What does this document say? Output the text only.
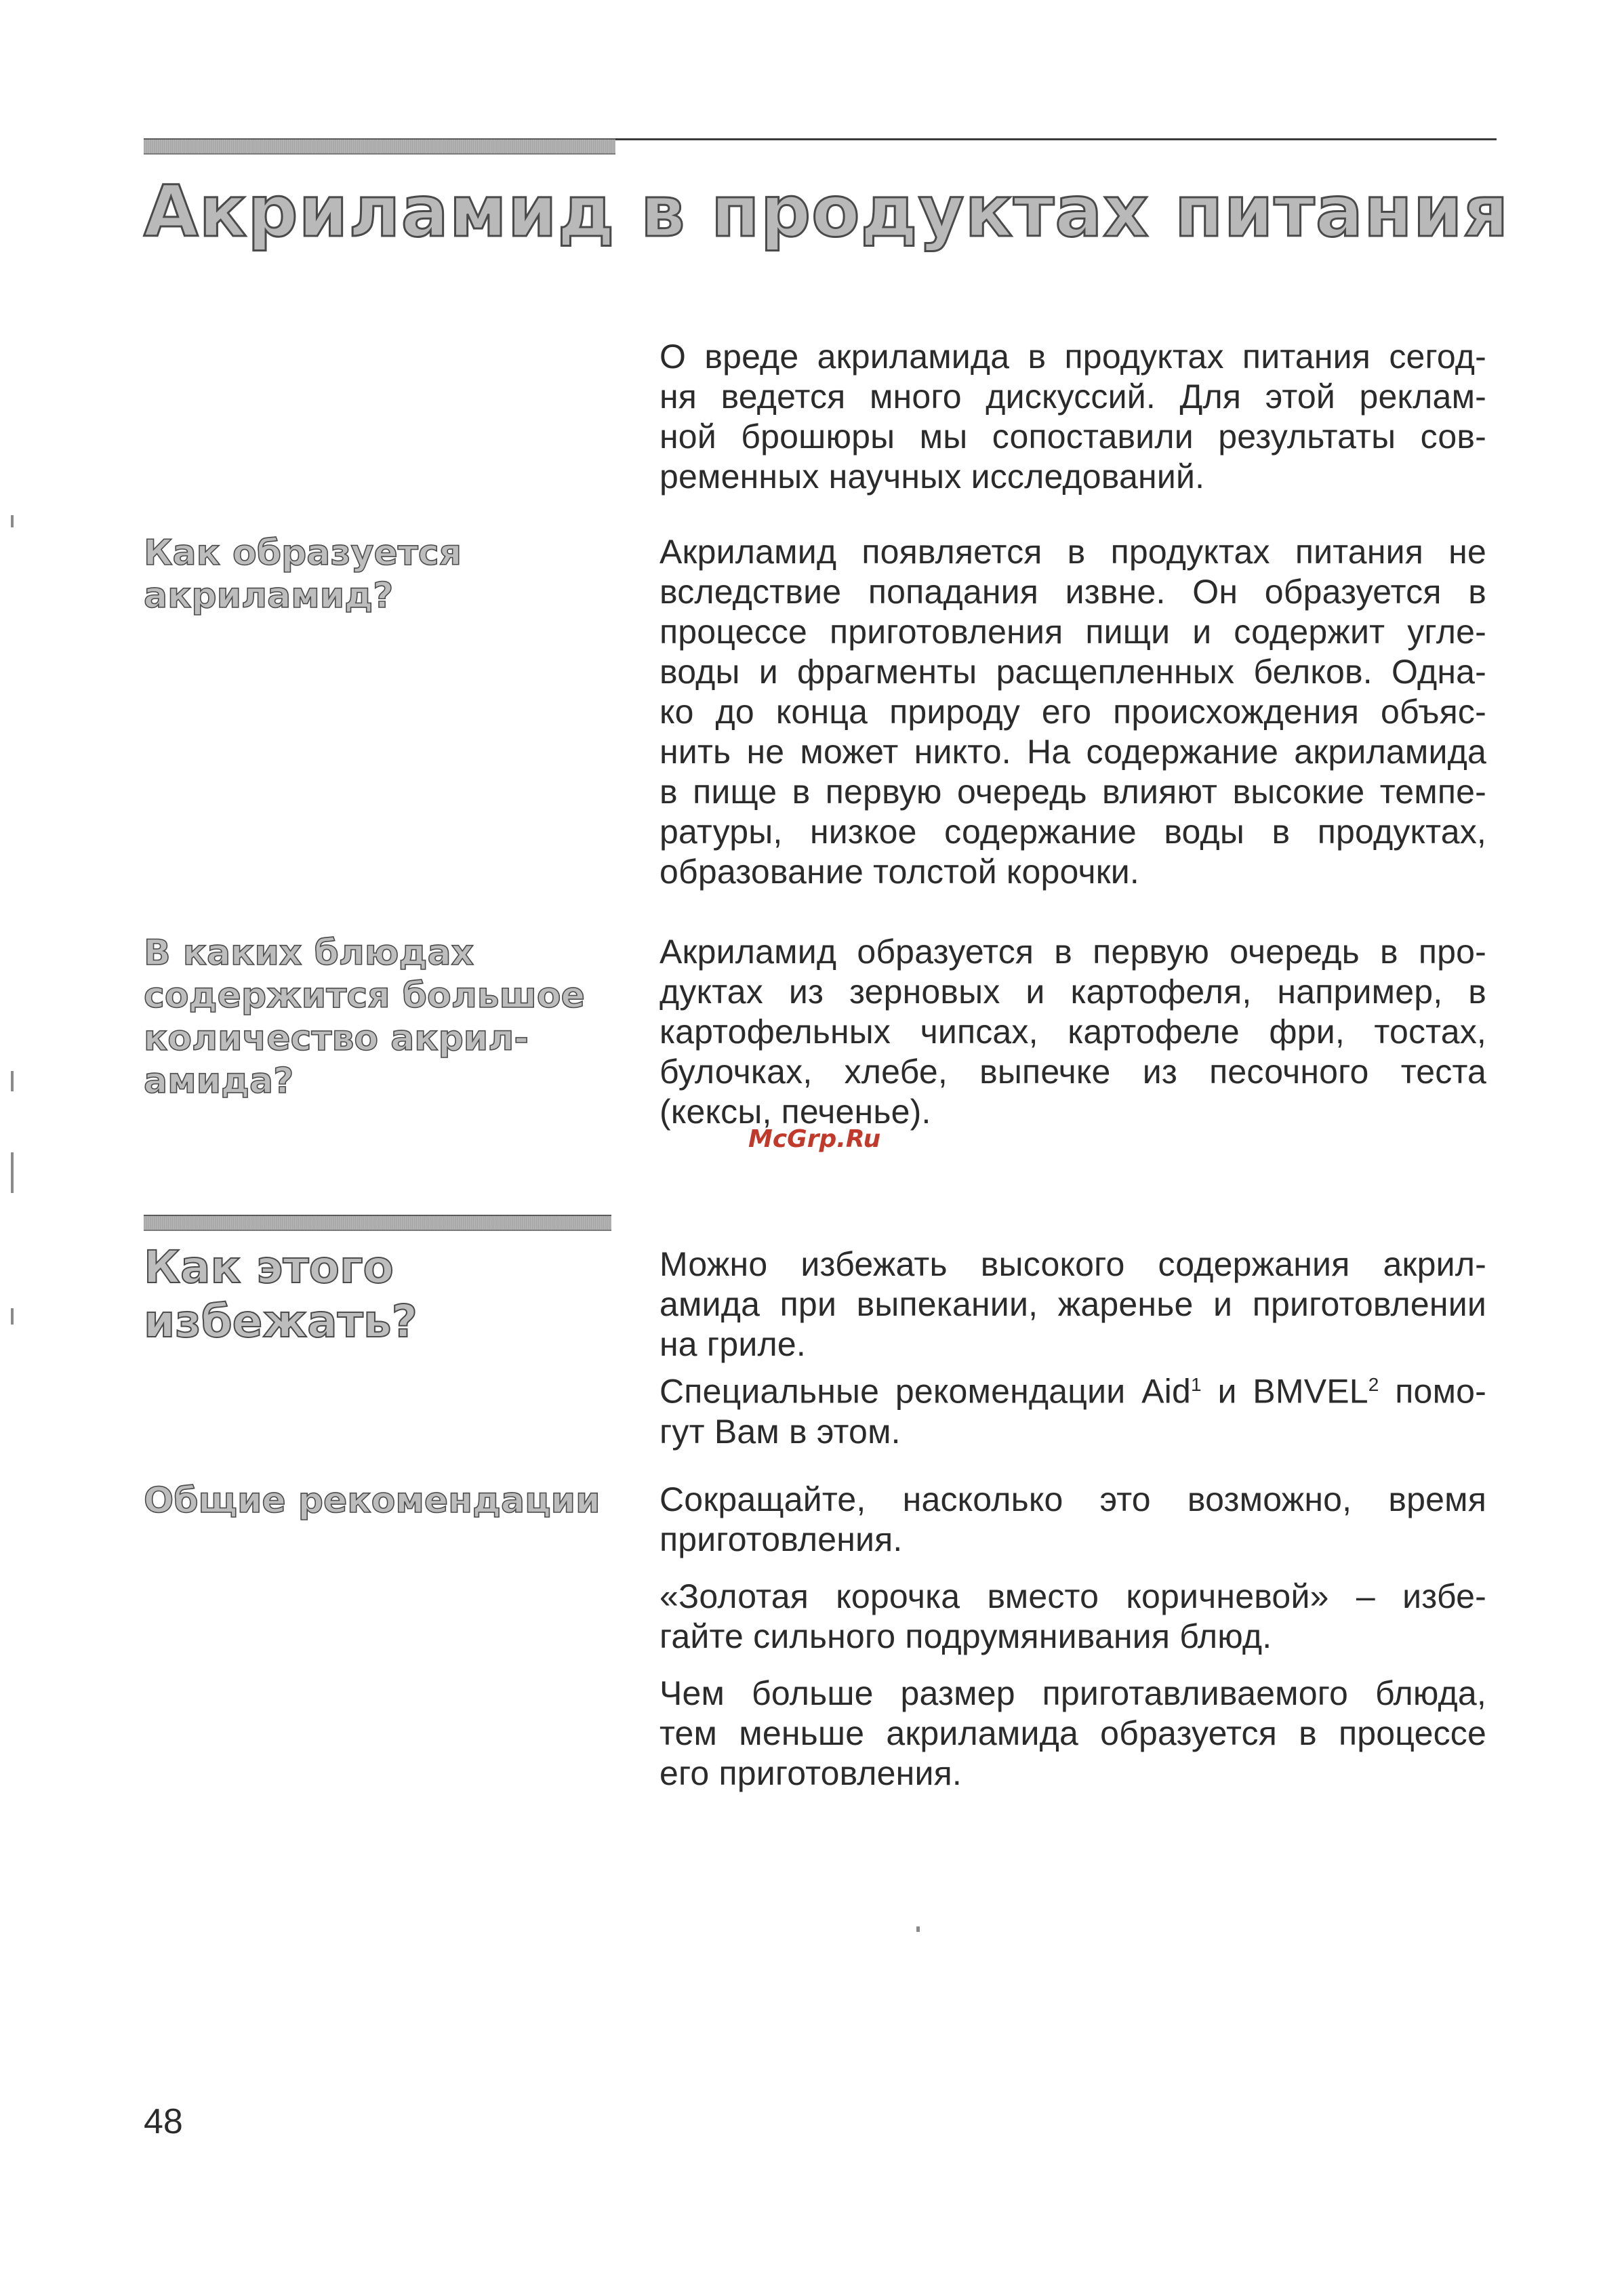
Акриламид в продуктах питания
О вреде акриламида в продуктах питания сегод-
ня ведется много дискуссий. Для этой реклам-
ной брошюры мы сопоставили результаты сов-
ременных научных исследований.
Как образуется
акриламид?
Акриламид появляется в продуктах питания не
вследствие попадания извне. Он образуется в
процессе приготовления пищи и содержит угле-
воды и фрагменты расщепленных белков. Одна-
ко до конца природу его происхождения объяс-
нить не может никто. На содержание акриламида
в пище в первую очередь влияют высокие темпе-
ратуры, низкое содержание воды в продуктах,
образование толстой корочки.
В каких блюдах
содержится большое
количество акрил-
амида?
Акриламид образуется в первую очередь в про-
дуктах из зерновых и картофеля, например, в
картофельных чипсах, картофеле фри, тостах,
булочках, хлебе, выпечке из песочного теста
(кексы, печенье).
McGrp.Ru
Как этого
избежать?
Можно избежать высокого содержания акрил-
амида при выпекании, жаренье и приготовлении
на гриле.
Специальные рекомендации Aid$^1$ и BMVEL$^2$ помо-
гут Вам в этом.
Общие рекомендации	Сокращайте, насколько это возможно, время
приготовления.

«Золотая корочка вместо коричневой» – избе-
гайте сильного подрумянивания блюд.

Чем больше размер приготавливаемого блюда,
тем меньше акриламида образуется в процессе
его приготовления.

48
